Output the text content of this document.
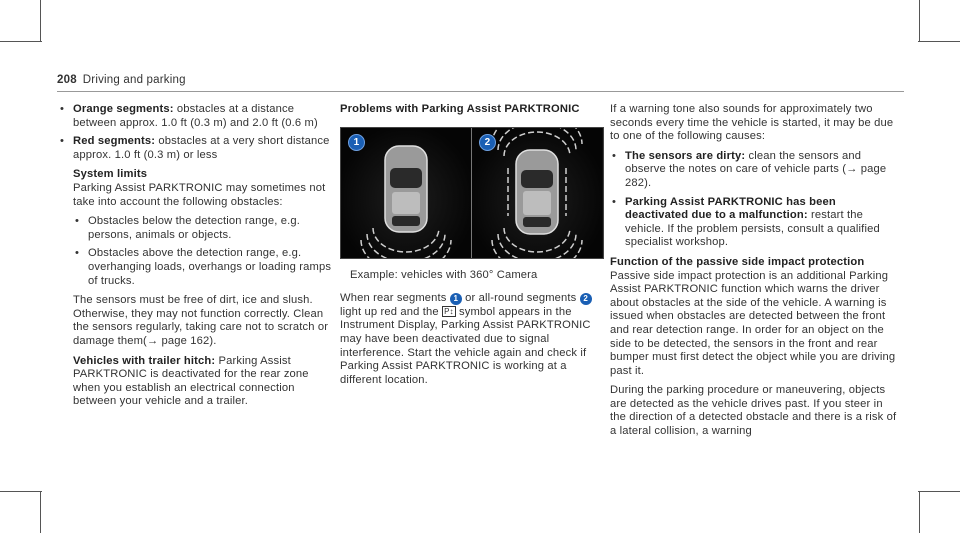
208 Driving and parking
• Orange segments: obstacles at a distance between approx. 1.0 ft (0.3 m) and 2.0 ft (0.6 m)
• Red segments: obstacles at a very short distance approx. 1.0 ft (0.3 m) or less

System limits

Parking Assist PARKTRONIC may sometimes not take into account the following obstacles:

• Obstacles below the detection range, e.g. persons, animals or objects.
• Obstacles above the detection range, e.g. overhanging loads, overhangs or loading ramps of trucks.

The sensors must be free of dirt, ice and slush. Otherwise, they may not function correctly. Clean the sensors regularly, taking care not to scratch or damage them(→ page 162).

Vehicles with trailer hitch: Parking Assist PARKTRONIC is deactivated for the rear zone when you establish an electrical connection between your vehicle and a trailer.

Problems with Parking Assist PARKTRONIC

1	2

Example: vehicles with 360° Camera

When rear segments 1 or all-round segments 2 light up red and the P↕ symbol appears in the Instrument Display, Parking Assist PARKTRONIC may have been deactivated due to signal interference. Start the vehicle again and check if Parking Assist PARKTRONIC is working at a different location.

If a warning tone also sounds for approximately two seconds every time the vehicle is started, it may be due to one of the following causes:

• The sensors are dirty: clean the sensors and observe the notes on care of vehicle parts (→ page 282).
• Parking Assist PARKTRONIC has been deactivated due to a malfunction: restart the vehicle. If the problem persists, consult a qualified specialist workshop.

Function of the passive side impact protection

Passive side impact protection is an additional Parking Assist PARKTRONIC function which warns the driver about obstacles at the side of the vehicle. A warning is issued when obstacles are detected between the front and rear detection range. In order for an object on the side to be detected, the sensors in the front and rear bumper must first detect the object while you are driving past it.

During the parking procedure or maneuvering, objects are detected as the vehicle drives past. If you steer in the direction of a detected obstacle and there is a risk of a lateral collision, a warning
